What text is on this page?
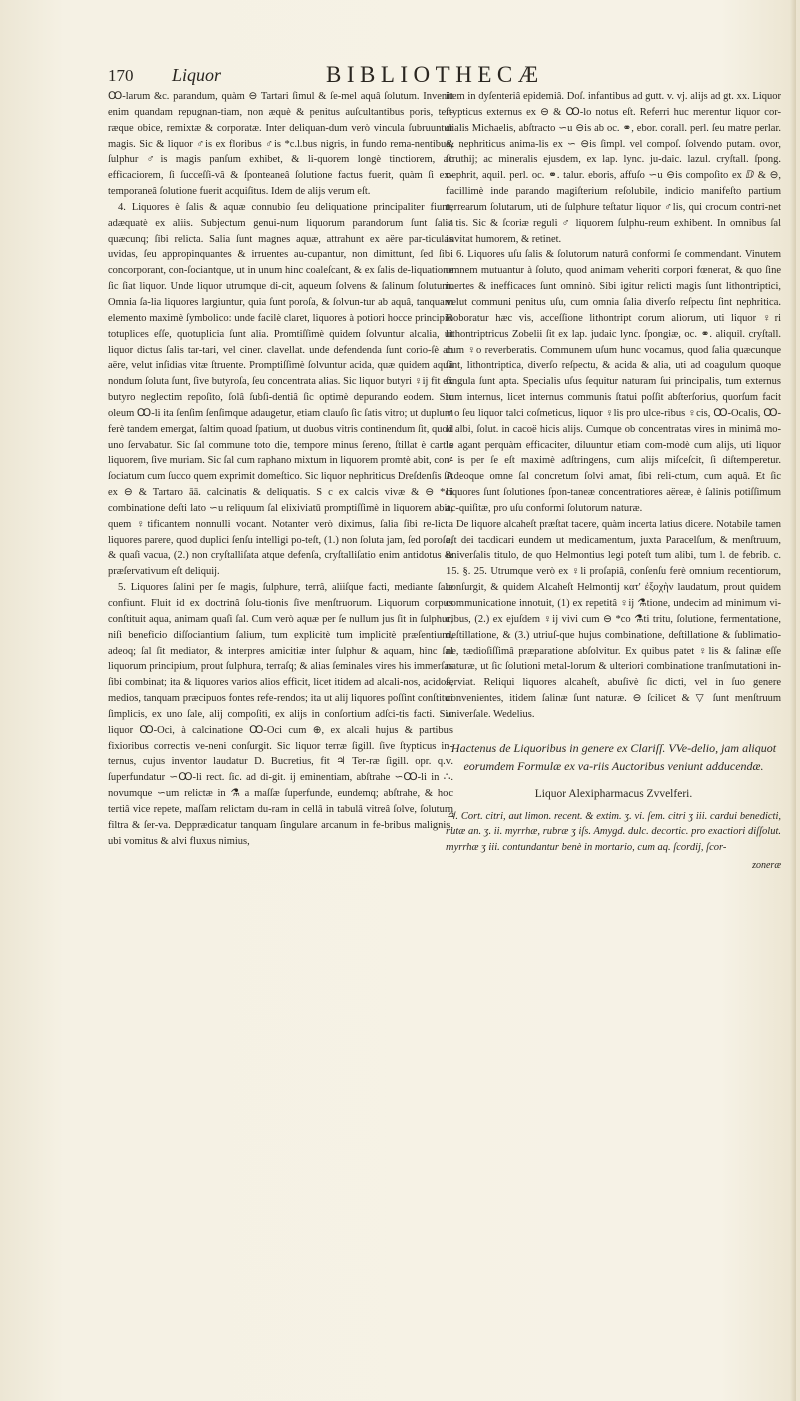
170 Liquor	BIBLIOTHECÆ

Ꝏ-larum &c. parandum, quàm ⊖ Tartari ſimul & ſe-mel aquâ ſolutum. Invenit enim quandam repugnan-tiam, non æquè & penitus auſcultantibus poris, ter-ræque obice, remixtæ & corporatæ. Inter deliquan-dum verò vincula ſubruuntur magis. Sic & liquor ♂is ex floribus ♂is *c.l.bus nigris, in fundo rema-nentibus, ſulphur ♂is magis panſum exhibet, & li-quorem longè tinctiorem, ac efficaciorem, ſi ſucceſſi-vâ & ſponteaneâ ſolutione factus fuerit, quàm ſi ex-temporaneâ ſolutione fuerit acquiſitus. Idem de alijs verum eſt.

4. Liquores è ſalis & aquæ connubio ſeu deliquatione principaliter fiunt, adæquatè ex aliis. Subjectum genui-num liquorum parandorum ſunt ſalia quæcunq; ſibi relicta. Salia ſunt magnes aquæ, attrahunt ex aëre par-ticulas uvidas, ſeu appropinquantes & irruentes au-cupantur, non dimittunt, ſed ſibi concorporant, con-ſociantque, ut in unum hinc coaleſcant, & ex ſalis de-liquatione ſic ſiat liquor. Unde liquor utrumque di-cit, aqueum ſolvens & ſalinum ſolutum. Omnia ſa-lia liquores largiuntur, quia ſunt poroſa, & ſolvun-tur ab aquâ, tanquam elemento maximè ſymbolico: unde facilè claret, liquores à potiori hocce principio totuplices eſſe, quotuplicia ſunt alia. Promtiſſimè quidem ſolvuntur alcalia, ut liquor dictus ſalis tar-tari, vel ciner. clavellat. unde defendenda ſunt corio-ſè ab aëre, velut inſidias vitæ ſtruente. Promptiſſimè ſolvuntur acida, quæ quidem aquâ nondum ſoluta ſunt, ſive butyroſa, ſeu concentrata alias. Sic liquor butyri ♀ij fit ex butyro neglectim repoſito, ſolâ ſubſi-dentiâ ſic optimè depurando eodem. Sic oleum Ꝏ-li ita ſenſim ſenſimque adaugetur, etiam clauſo ſic ſatis vitro; ut duplum ferè tandem emergat, ſaltim quoad ſpatium, ut duobus vitris continendum ſit, quod uno ſervabatur. Sic ſal commune toto die, tempore minus ſereno, ſtillat è cartis liquorem, ſive muriam. Sic ſal cum raphano mixtum in liquorem promtè abit, con-ſociatum cum ſucco quem exprimit domeſtico. Sic liquor nephriticus Dreſdenſis ſit ex ⊖ & Tartaro āā. calcinatis & deliquatis. S c ex calcis vivæ & ⊖ *ci combinatione deſti lato ∽u reliquum ſal elixiviatū promptiſſimè in liquorem abit, quem ♀tificantem nonnulli vocant. Notanter verò diximus, ſalia ſibi re-licta liquores parere, quod duplici ſenſu intelligi po-teſt, (1.) non ſoluta jam, ſed poroſa, & quaſi vacua, (2.) non cryſtalliſata atque defenſa, cryſtalliſatio enim antidotus & præſervativum eſt deliquij.

5. Liquores ſalini per ſe magis, ſulphure, terrâ, aliiſque facti, mediante ſale confiunt. Fluit id ex doctrinâ ſolu-tionis ſive menſtruorum. Liquorum corpus conſtituit aqua, animam quaſi ſal. Cum verò aquæ per ſe nullum jus ſit in ſulphur, niſi beneficio diſſociantium ſalium, tum explicitè tum implicitè præſentium, adeoq; ſal ſit mediator, & interpres amicitiæ inter ſulphur & aquam, hinc ſal liquorum principium, prout ſulphura, terraſq; & alias ſeminales vires his immerſas ſibi combinat; ita & liquores varios alios efficit, licet itidem ad alcali-nos, acidos, medios, tanquam præcipuos fontes refe-rendos; ita ut alij liquores poſſint conſtitui ſimplicis, ex uno ſale, alij compoſiti, ex alijs in conſortium adſci-tis facti. Sic liquor Ꝏ-Oci, à calcinatione Ꝏ-Oci cum ⊕, ex alcali hujus & partibus fixioribus correctis ve-neni conſurgit. Sic liquor terræ ſigill. ſive ſtypticus in-ternus, cujus inventor laudatur D. Bucretius, fit ♃ Ter-ræ ſigill. opr. q.v. ſuperfundatur ∽Ꝏ-li rect. ſic. ad di-git. ij eminentiam, abſtrahe ∽Ꝏ-li in ∴. novumque ∽um relictæ in ⚗ a maſſæ ſuperfunde, eundemq; abſtrahe, & hoc tertiâ vice repete, maſſam relictam du-ram in cellâ in tabulâ vitreâ ſolve, ſolutum filtra & ſer-va. Depprædicatur tanquam ſingulare arcanum in fe-bribus malignis, ubi vomitus & alvi fluxus nimius,

item in dyſenteriâ epidemiâ. Doſ. infantibus ad gutt. v. vj. alijs ad gt. xx. Liquor ſtypticus externus ex ⊖ & Ꝏ-lo notus eſt. Referri huc merentur liquor cor-dialis Michaelis, abſtracto ∽u ⊖is ab oc. ⚭, ebor. corall. perl. ſeu matre perlar. & nephriticus anima-lis ex ∽ ⊖is ſimpl. vel compoſ. ſolvendo putam. ovor, ſtruthij; ac mineralis ejusdem, ex lap. lync. ju-daic. lazul. cryſtall. ſpong. nephrit, aquil. perl. oc. ⚭. talur. eboris, affuſo ∽u ⊖is compoſito ex ⅅ & ⊖, facillimè inde parando magiſterium reſolubile, indicio manifeſto partium terrearum ſolutarum, uti de ſulphure teſtatur liquor ♂lis, qui crocum contri-net ♂tis. Sic & ſcoriæ reguli ♂ liquorem ſulphu-reum exhibent. In omnibus ſal invitat humorem, & retinet.

6. Liquores uſu ſalis & ſolutorum naturâ conformi ſe commendant. Vinutem omnem mutuantur à ſoluto, quod animam veheriti corpori fœnerat, & quo ſine inertes & inefficaces ſunt omninò. Sibi igitur relicti magis ſunt lithontriptici, velut communi penitus uſu, cum omnia ſalia diverſo reſpectu ſint nephritica. Roboratur hæc vis, acceſſione lithontript corum aliorum, uti liquor ♀ri lithontriptricus Zobelii ſit ex lap. judaic lync. ſpongiæ, oc. ⚭. aliquil. cryſtall. cum ♀o reverberatis. Communem uſum hunc vocamus, quod ſalia quæcunque ſint, lithontriptica, diverſo reſpectu, & acida & alia, uti ad coagulum quoque ſingula ſunt apta. Specialis uſus ſequitur naturam ſui principalis, tum externus tum internus, licet internus communis ſtatui poſſit abſterſorius, quorſum facit ♂o ſeu liquor talci coſmeticus, liquor ♀lis pro ulce-ribus ♀cis, Ꝏ-Ocalis, Ꝏ-li albi, ſolut. in cacoë hicis alijs. Cumque ob concentratas vires in minimâ mo-le agant perquàm efficaciter, diluuntur etiam com-modè cum alijs, uti liquor ♂is per ſe eſt maximè adſtringens, cum alijs miſceſcit, ſi diſtemperetur. Adeoque omne ſal concretum ſolvi amat, ſibi reli-ctum, cum aquâ. Et ſic liquores ſunt ſolutiones ſpon-taneæ concentratiores aëreæ, è ſalinis potiſſimum ac-quiſitæ, pro uſu conformi ſolutorum naturæ.

De liquore alcaheſt præſtat tacere, quàm incerta latius dicere. Notabile tamen eſt dei tacdicari eundem ut medicamentum, juxta Paracelſum, & menſtruum, univerſalis titulo, de quo Helmontius legi poteſt tum alibi, tum l. de febrib. c. 15. §. 25. Utrumque verò ex ♀li proſapiâ, conſenſu ferè omnium recentiorum, conſurgit, & quidem Alcaheſt Helmontij κατ' ἐξοχὴν laudatum, prout quidem communicatione innotuit, (1) ex repetitâ ♀ij ⚗tione, undecim ad minimum vi-cibus, (2.) ex ejuſdem ♀ij vivi cum ⊖ *co ⚗ti tritu, ſolutione, fermentatione, deſtillatione, & (3.) utriuſ-que hujus combinatione, deſtillatione & ſublimatio-ne, tædioſiſſimâ præparatione abſolvitur. Ex quibus patet ♀lis & ſalinæ eſſe naturæ, ut ſic ſolutioni metal-lorum & ulteriori combinatione tranſmutationi in-ſerviat. Reliqui liquores alcaheſt, abuſivè ſic dicti, vel in ſuo genere convenientes, itidem ſalinæ ſunt naturæ. ⊖ ſcilicet & ▽ ſunt menſtruum univerſale. Wedelius.

Hactenus de Liquoribus in genere ex Clariſſ. VVe-delio, jam aliquot eorumdem Formulæ ex va-riis Auctoribus veniunt adducendæ.
Liquor Alexipharmacus Zvvelferi.
♃. Cort. citri, aut limon. recent. & extim. ʒ. vi. ſem. citri ʒ iii. cardui benedicti, rutæ an. ʒ. ii. myrrhæ, rubræ ʒ iſs. Amygd. dulc. decortic. pro exactiori diſſolut. myrrhæ ʒ iii. contundantur benè in mortario, cum aq. ſcordij, ſcor-
zoneræ
